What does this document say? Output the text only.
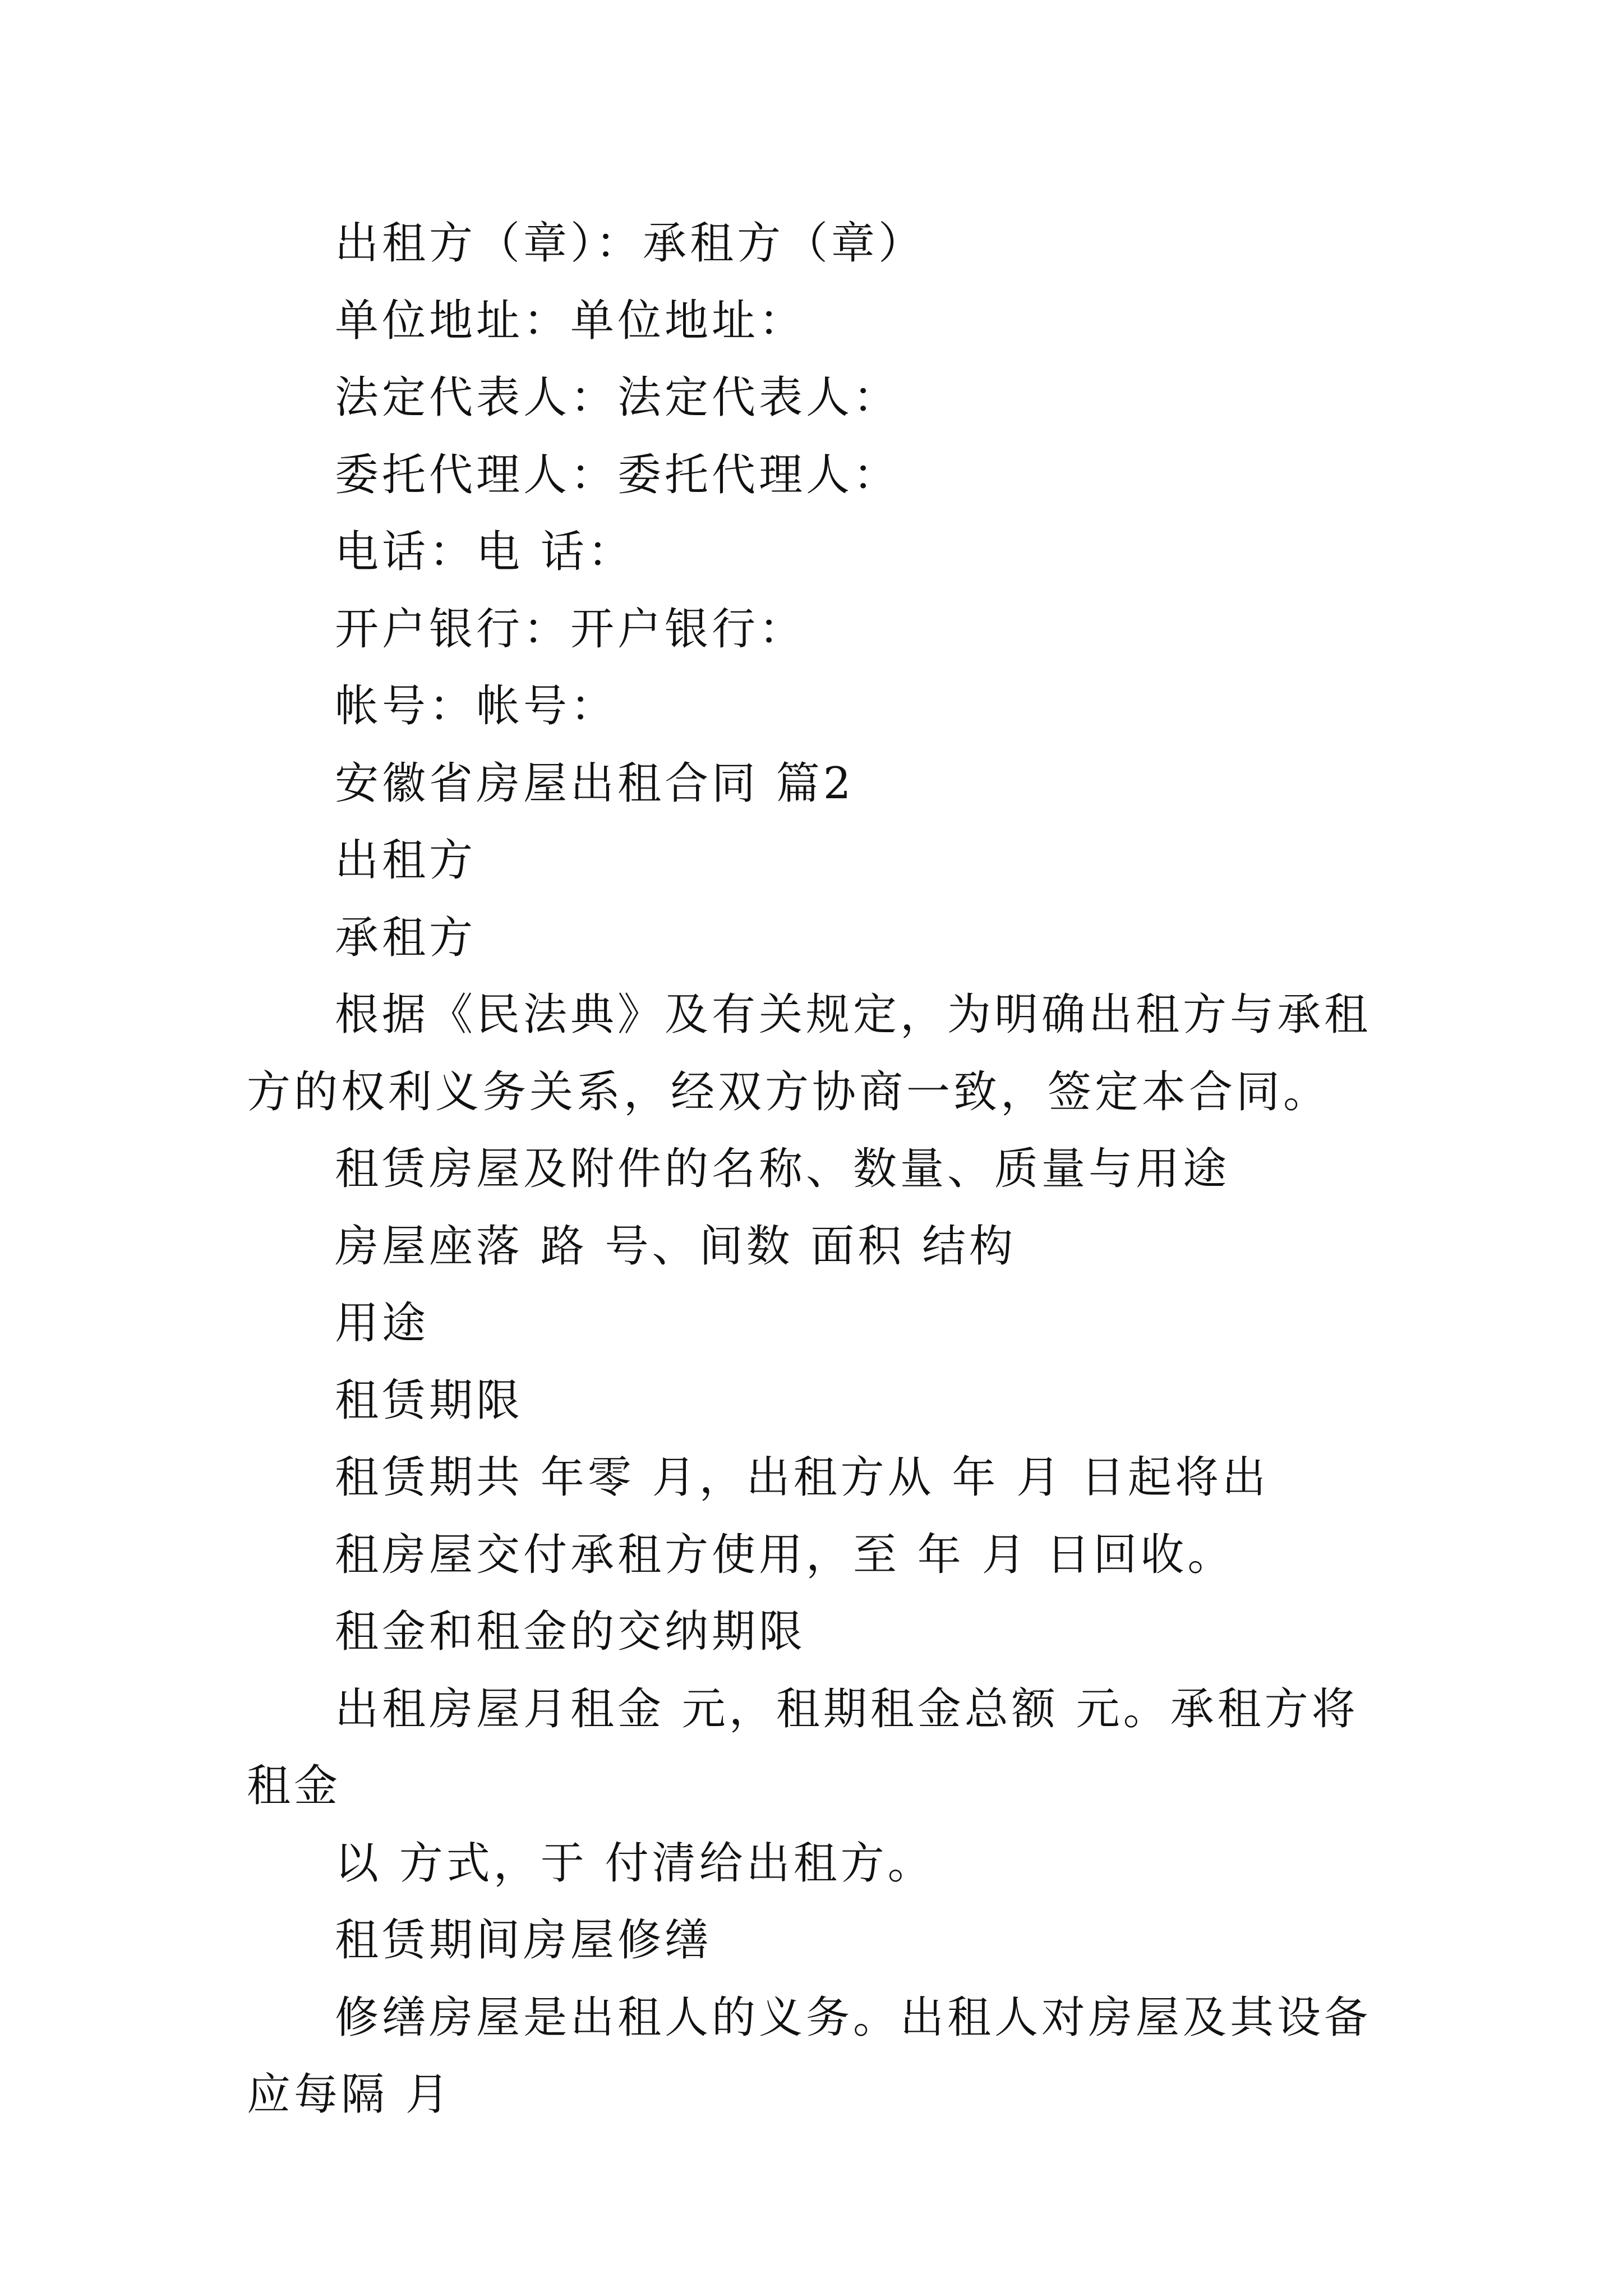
出租方（章）：承租方（章）

单位地址：单位地址：

法定代表人：法定代表人：

委托代理人：委托代理人：

电话：电 话：

开户银行：开户银行：

帐号：帐号：

安徽省房屋出租合同 篇2

出租方

承租方

根据《民法典》及有关规定，为明确出租方与承租方的权利义务关系，经双方协商一致，签定本合同。

租赁房屋及附件的名称、数量、质量与用途

房屋座落 路 号、间数 面积 结构

用途

租赁期限

租赁期共 年零 月，出租方从 年 月 日起将出

租房屋交付承租方使用，至 年 月 日回收。

租金和租金的交纳期限

出租房屋月租金 元，租期租金总额 元。承租方将租金

以 方式，于 付清给出租方。

租赁期间房屋修缮

修缮房屋是出租人的义务。出租人对房屋及其设备应每隔 月
